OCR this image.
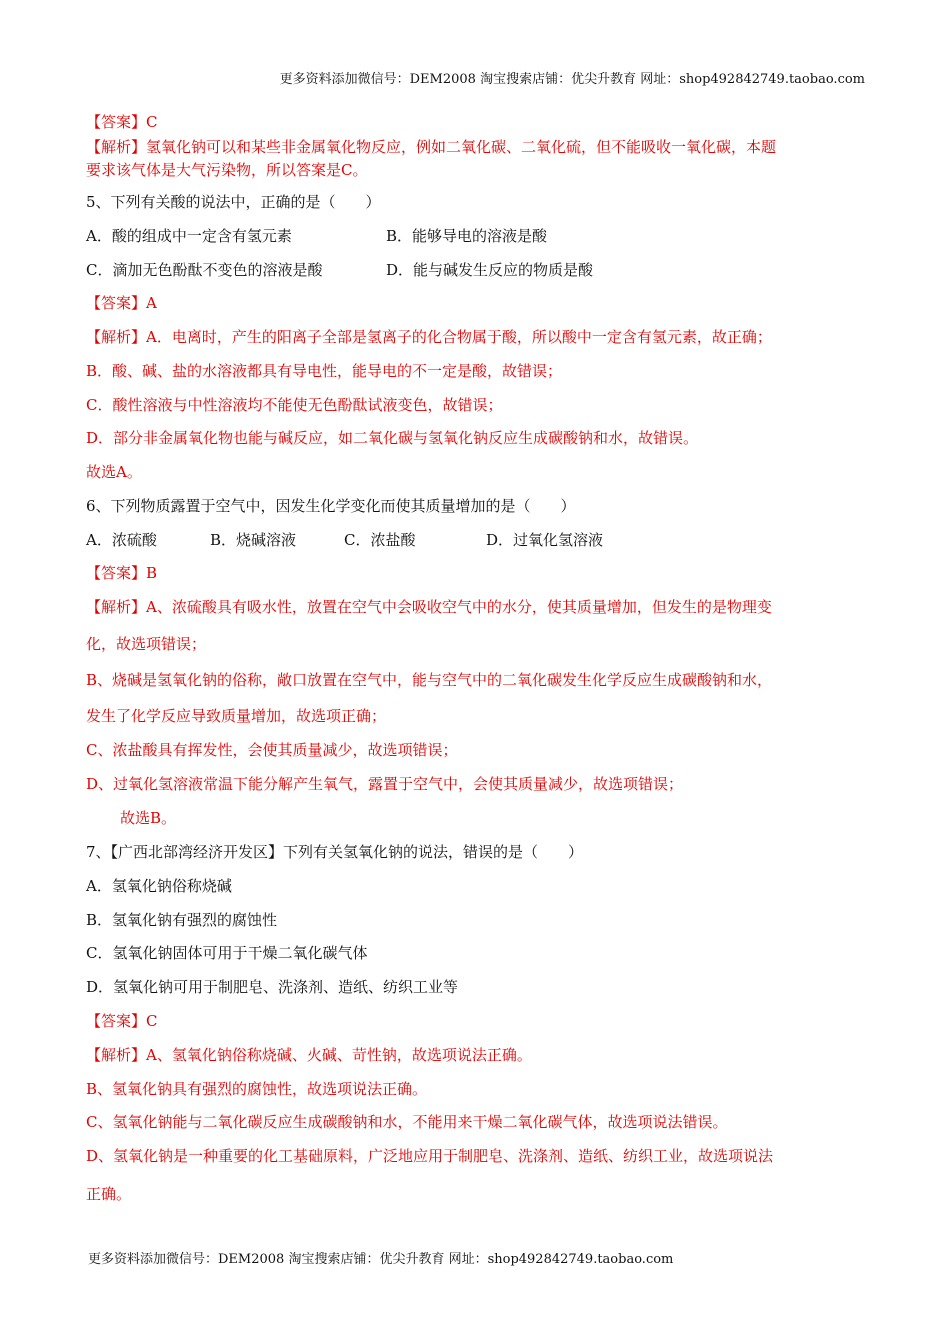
更多资料添加微信号：DEM2008 淘宝搜索店铺：优尖升教育 网址：shop492842749.taobao.com
【答案】C
【解析】氢氧化钠可以和某些非金属氧化物反应，例如二氧化碳、二氧化硫，但不能吸收一氧化碳，本题
要求该气体是大气污染物，所以答案是C。
5、下列有关酸的说法中，正确的是（　　）
A．酸的组成中一定含有氢元素	B．能够导电的溶液是酸
C．滴加无色酚酞不变色的溶液是酸	D．能与碱发生反应的物质是酸
【答案】A
【解析】A．电离时，产生的阳离子全部是氢离子的化合物属于酸，所以酸中一定含有氢元素，故正确；
B．酸、碱、盐的水溶液都具有导电性，能导电的不一定是酸，故错误；
C．酸性溶液与中性溶液均不能使无色酚酞试液变色，故错误；
D．部分非金属氧化物也能与碱反应，如二氧化碳与氢氧化钠反应生成碳酸钠和水，故错误。
故选A。
6、下列物质露置于空气中，因发生化学变化而使其质量增加的是（　　）
A．浓硫酸	B．烧碱溶液	C．浓盐酸	D．过氧化氢溶液
【答案】B
【解析】A、浓硫酸具有吸水性，放置在空气中会吸收空气中的水分，使其质量增加，但发生的是物理变
化，故选项错误；
B、烧碱是氢氧化钠的俗称，敞口放置在空气中，能与空气中的二氧化碳发生化学反应生成碳酸钠和水，
发生了化学反应导致质量增加，故选项正确；
C、浓盐酸具有挥发性，会使其质量减少，故选项错误；
D、过氧化氢溶液常温下能分解产生氧气，露置于空气中，会使其质量减少，故选项错误；
故选B。
7、【广西北部湾经济开发区】下列有关氢氧化钠的说法，错误的是（　　）
A．氢氧化钠俗称烧碱
B．氢氧化钠有强烈的腐蚀性
C．氢氧化钠固体可用于干燥二氧化碳气体
D．氢氧化钠可用于制肥皂、洗涤剂、造纸、纺织工业等
【答案】C
【解析】A、氢氧化钠俗称烧碱、火碱、苛性钠，故选项说法正确。
B、氢氧化钠具有强烈的腐蚀性，故选项说法正确。
C、氢氧化钠能与二氧化碳反应生成碳酸钠和水，不能用来干燥二氧化碳气体，故选项说法错误。
D、氢氧化钠是一种重要的化工基础原料，广泛地应用于制肥皂、洗涤剂、造纸、纺织工业，故选项说法
正确。
更多资料添加微信号：DEM2008 淘宝搜索店铺：优尖升教育 网址：shop492842749.taobao.com
